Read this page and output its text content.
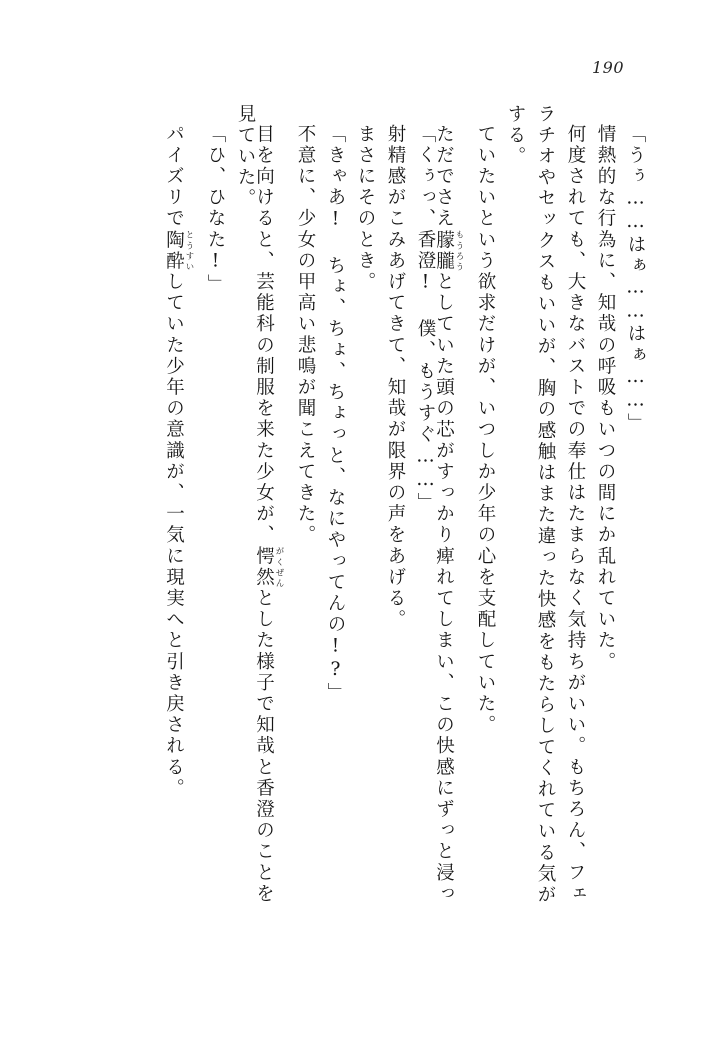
190
「うぅ……はぁ……はぁ……」
情熱的な行為に、知哉の呼吸もいつの間にか乱れていた。
何度されても、大きなバストでの奉仕はたまらなく気持ちがいい。もちろん、フェ
ラチオやセックスもいいが、胸の感触はまた違った快感をもたらしてくれている気が
する。
ていたいという欲求だけが、いつしか少年の心を支配していた。
ただでさえ朦朧 もうろうとしていた頭の芯がすっかり痺れてしまい、この快感にずっと浸っ
「くぅっ、香澄! 僕、もうすぐ……」
射精感がこみあげてきて、知哉が限界の声をあげる。
まさにそのとき。
「きゃあ! ちょ、ちょ、ちょっと、なにやってんの!?」
不意に、少女の甲高い悲鳴が聞こえてきた。
目を向けると、芸能科の制服を来た少女が、愕然 がくぜんとした様子で知哉と香澄のことを
見ていた。
「ひ、ひなた!」
パイズリで陶酔 とうすいしていた少年の意識が、一気に現実へと引き戻される。
